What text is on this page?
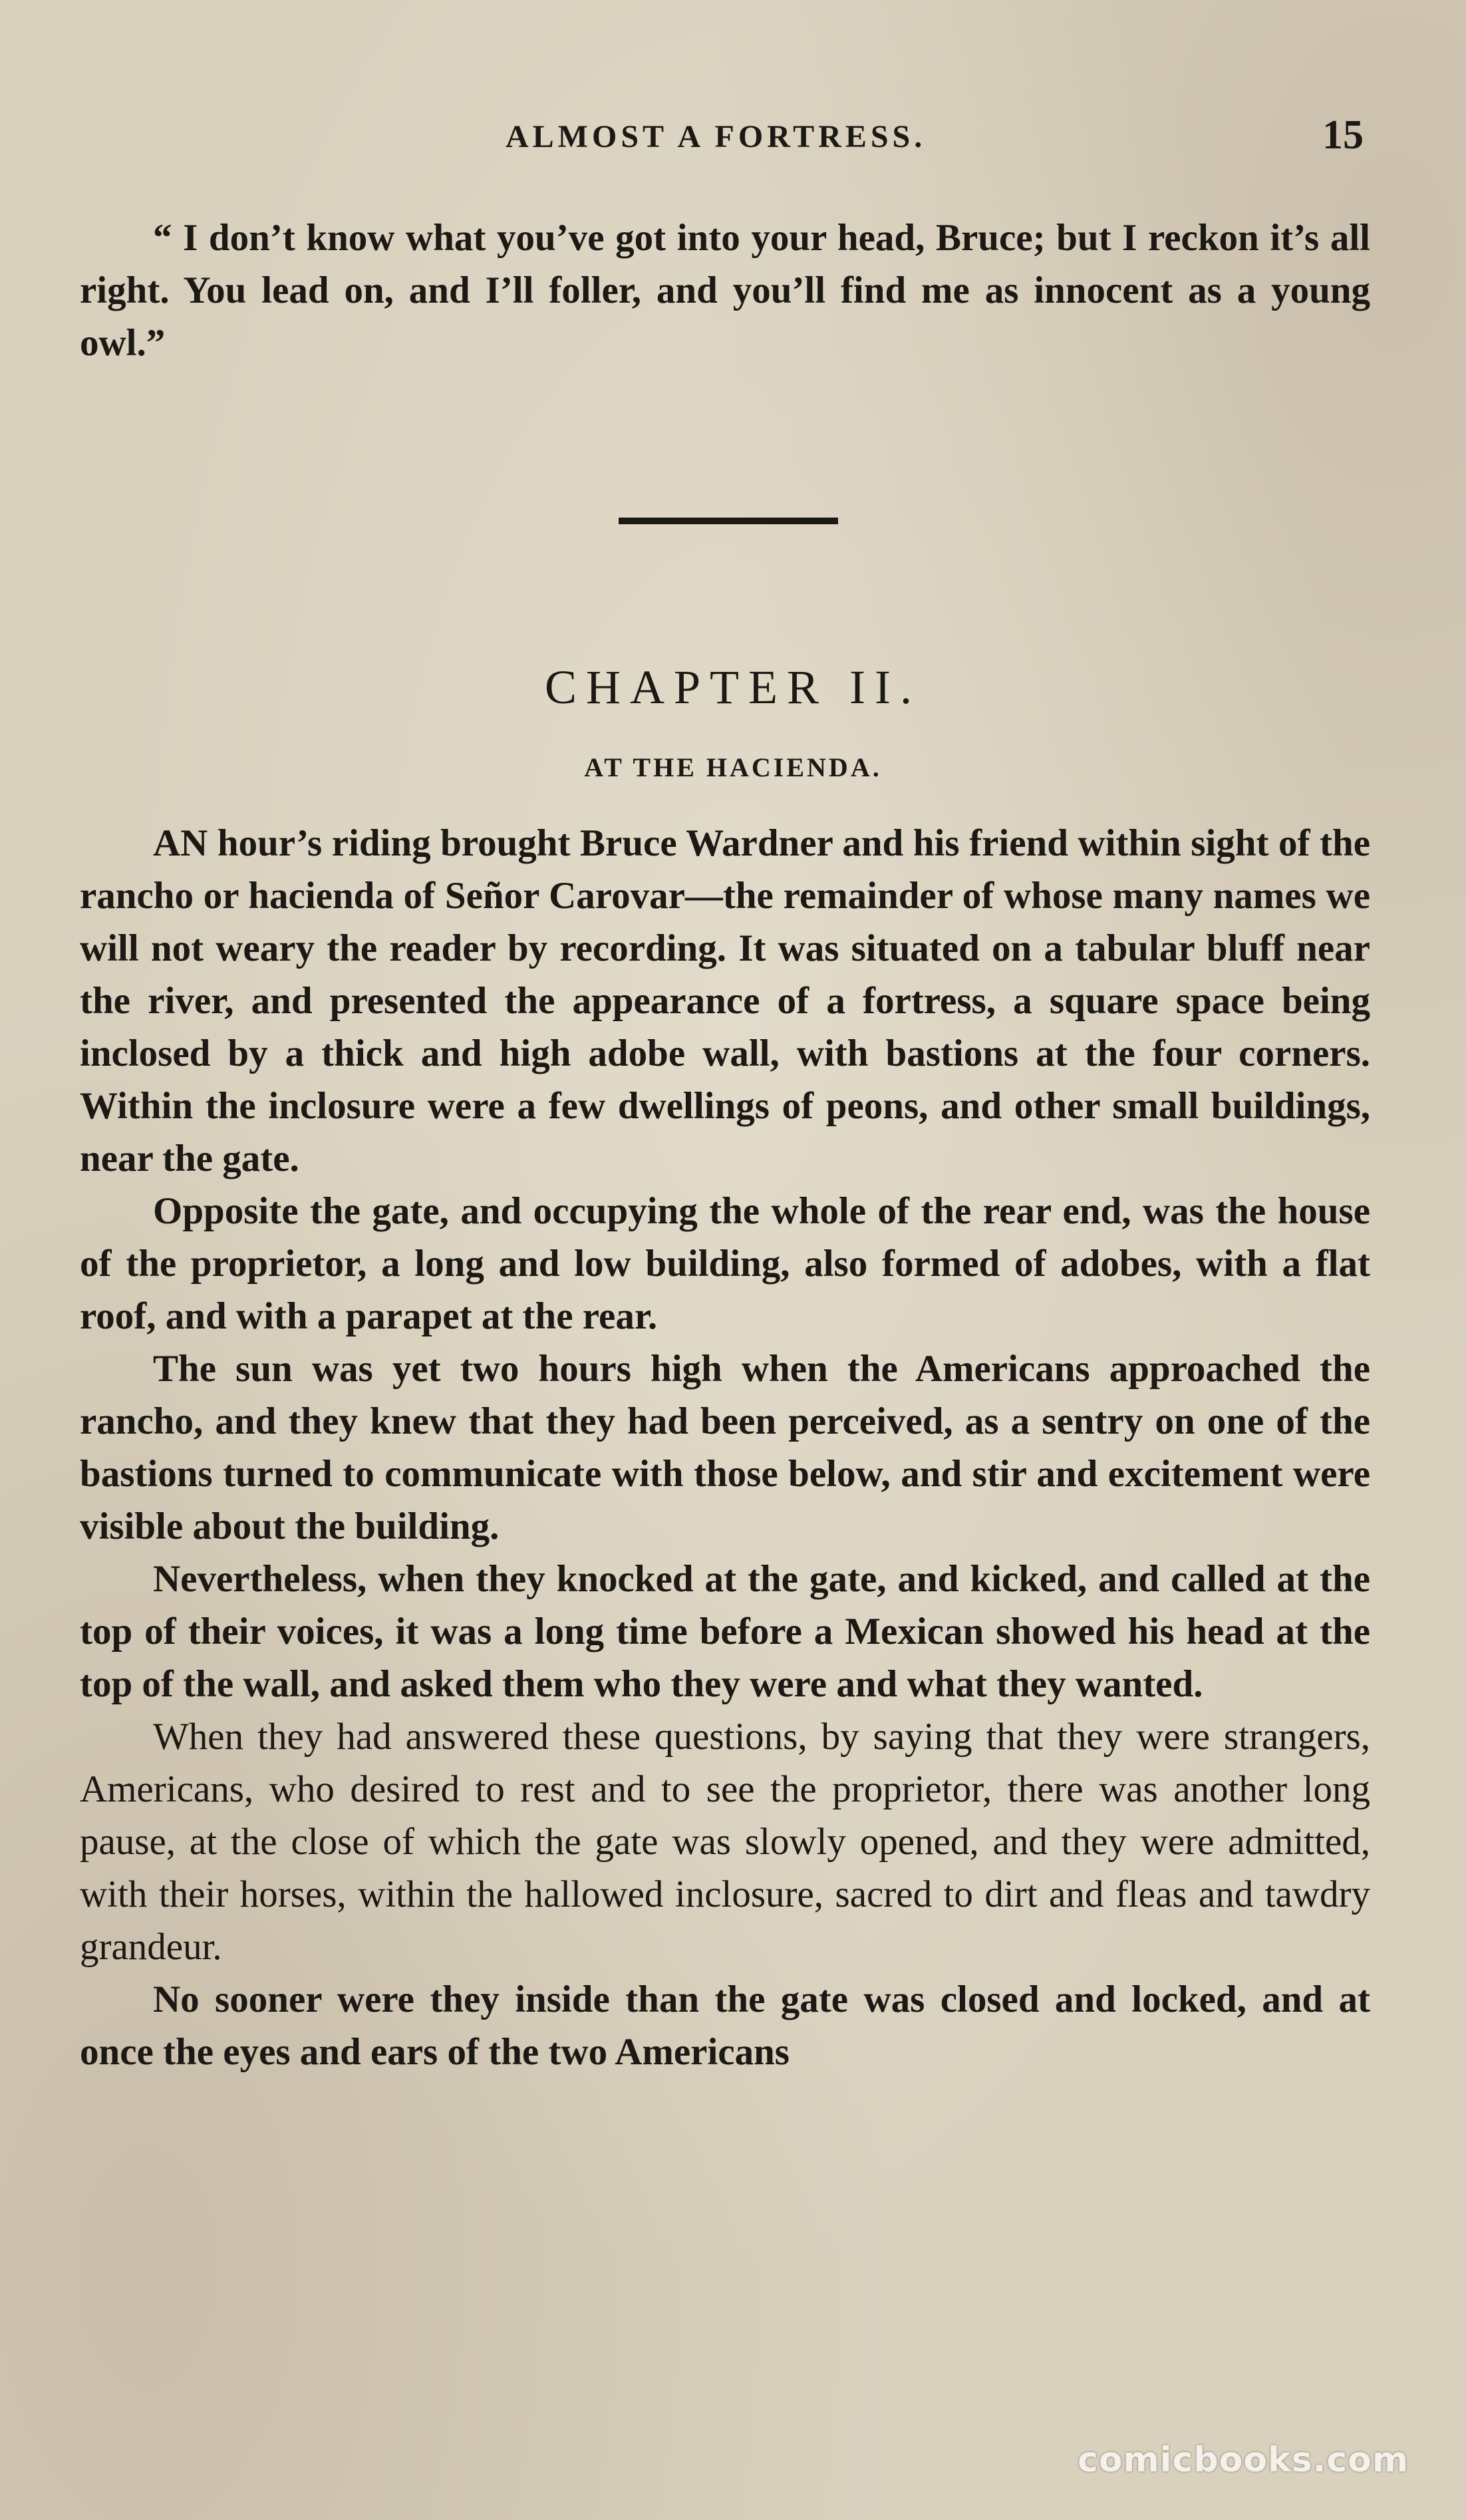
ALMOST A FORTRESS.	15

“ I don’t know what you’ve got into your head, Bruce; but I reckon it’s all right. You lead on, and I’ll foller, and you’ll find me as innocent as a young owl.”

CHAPTER II.
AT THE HACIENDA.

AN hour’s riding brought Bruce Wardner and his friend within sight of the rancho or hacienda of Señor Carovar—the remainder of whose many names we will not weary the reader by recording. It was situated on a tabular bluff near the river, and presented the appearance of a fortress, a square space being inclosed by a thick and high adobe wall, with bastions at the four corners. Within the inclosure were a few dwellings of peons, and other small buildings, near the gate.

Opposite the gate, and occupying the whole of the rear end, was the house of the proprietor, a long and low building, also formed of adobes, with a flat roof, and with a parapet at the rear.

The sun was yet two hours high when the Americans approached the rancho, and they knew that they had been perceived, as a sentry on one of the bastions turned to communicate with those below, and stir and excitement were visible about the building.

Nevertheless, when they knocked at the gate, and kicked, and called at the top of their voices, it was a long time before a Mexican showed his head at the top of the wall, and asked them who they were and what they wanted.

When they had answered these questions, by saying that they were strangers, Americans, who desired to rest and to see the proprietor, there was another long pause, at the close of which the gate was slowly opened, and they were admitted, with their horses, within the hallowed inclosure, sacred to dirt and fleas and tawdry grandeur.

No sooner were they inside than the gate was closed and locked, and at once the eyes and ears of the two Americans

comicbooks.com
